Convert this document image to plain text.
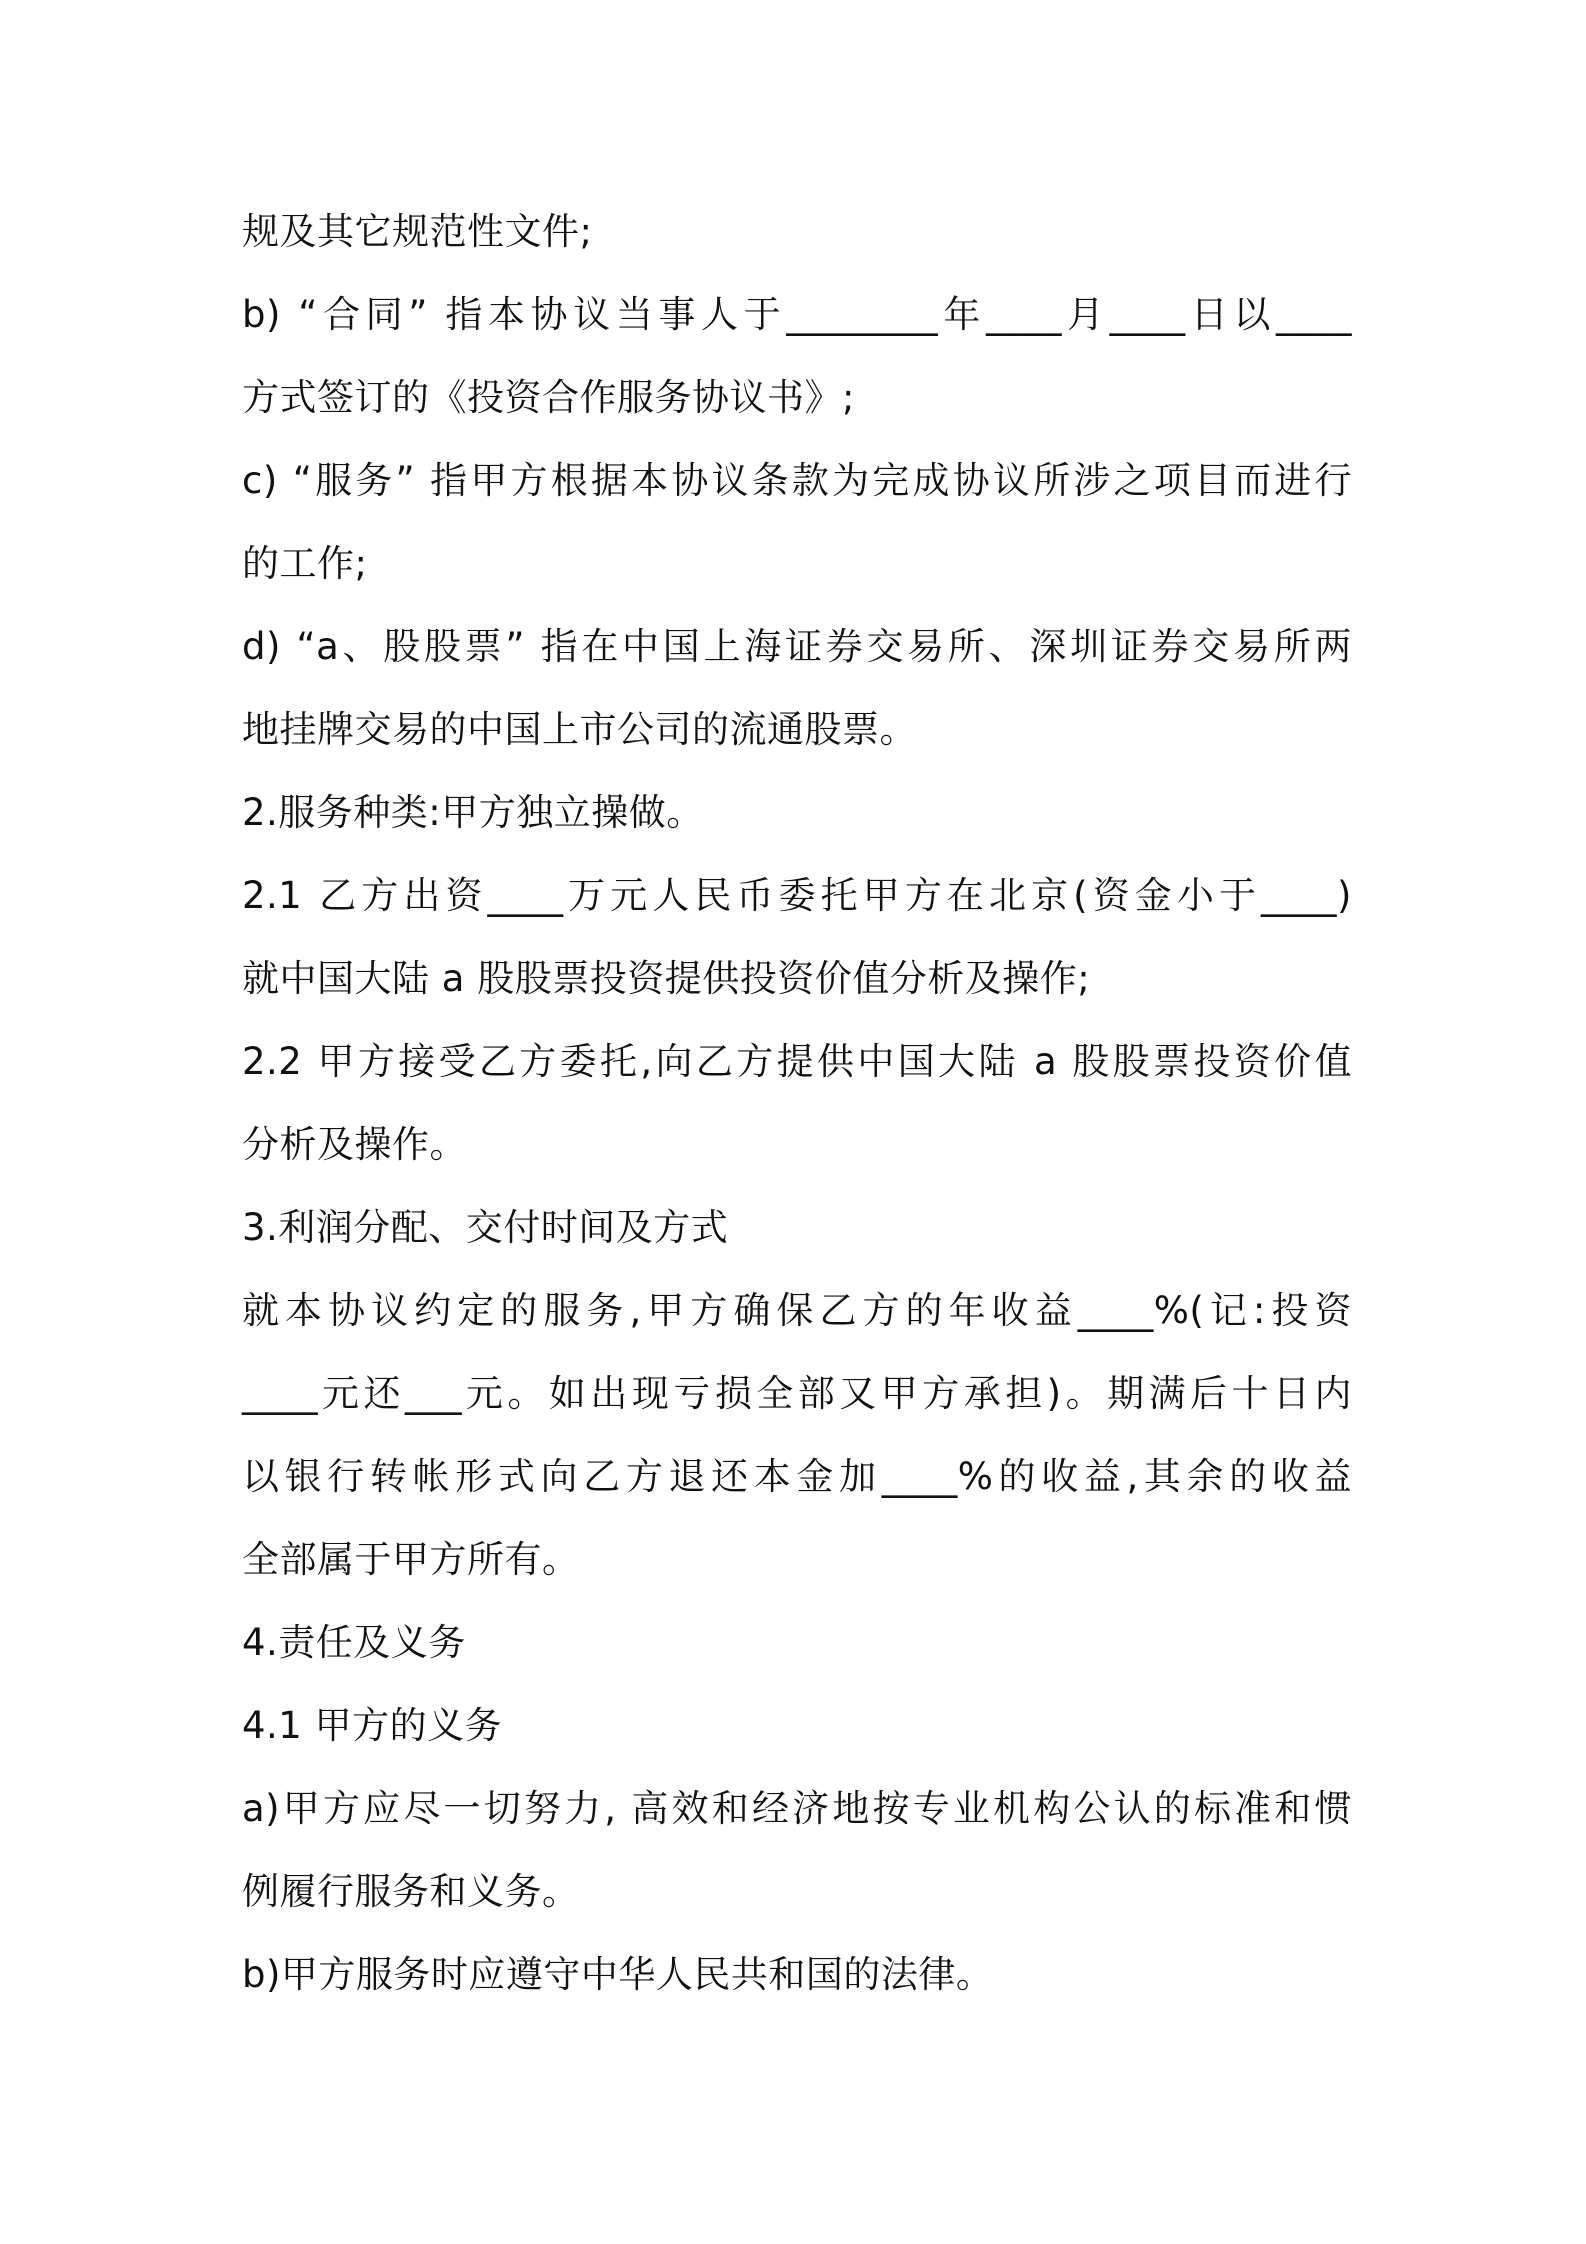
规及其它规范性文件;
b) “合同” 指本协议当事人于________年____月____日以____
方式签订的《投资合作服务协议书》;
c) “服务” 指甲方根据本协议条款为完成协议所涉之项目而进行
的工作;
d) “a、股股票” 指在中国上海证券交易所、深圳证券交易所两
地挂牌交易的中国上市公司的流通股票。
2.服务种类:甲方独立操做。
2.1 乙方出资____万元人民币委托甲方在北京(资金小于____)
就中国大陆 a 股股票投资提供投资价值分析及操作;
2.2 甲方接受乙方委托,向乙方提供中国大陆 a 股股票投资价值
分析及操作。
3.利润分配、交付时间及方式
就本协议约定的服务,甲方确保乙方的年收益____%(记:投资
____元还___元。如出现亏损全部又甲方承担)。期满后十日内
以银行转帐形式向乙方退还本金加____%的收益,其余的收益
全部属于甲方所有。
4.责任及义务
4.1 甲方的义务
a)甲方应尽一切努力, 高效和经济地按专业机构公认的标准和惯
例履行服务和义务。
b)甲方服务时应遵守中华人民共和国的法律。
